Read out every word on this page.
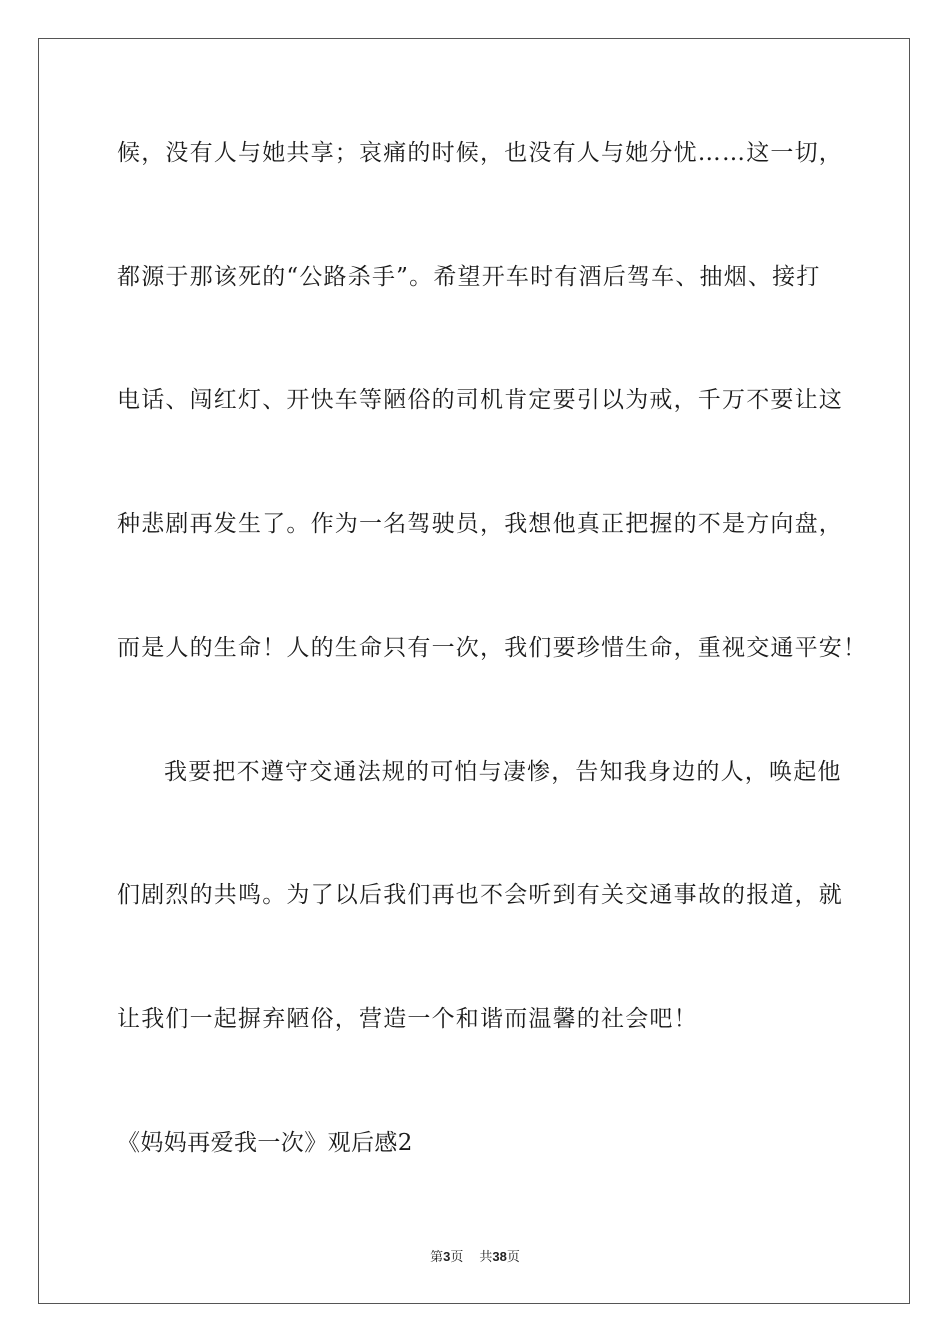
候，没有人与她共享；哀痛的时候，也没有人与她分忧……这一切，
都源于那该死的“公路杀手”。希望开车时有酒后驾车、抽烟、接打
电话、闯红灯、开快车等陋俗的司机肯定要引以为戒，千万不要让这
种悲剧再发生了。作为一名驾驶员，我想他真正把握的不是方向盘，
而是人的生命！人的生命只有一次，我们要珍惜生命，重视交通平安！
我要把不遵守交通法规的可怕与凄惨，告知我身边的人，唤起他
们剧烈的共鸣。为了以后我们再也不会听到有关交通事故的报道，就
让我们一起摒弃陋俗，营造一个和谐而温馨的社会吧！
《妈妈再爱我一次》观后感2
第3页 共38页
